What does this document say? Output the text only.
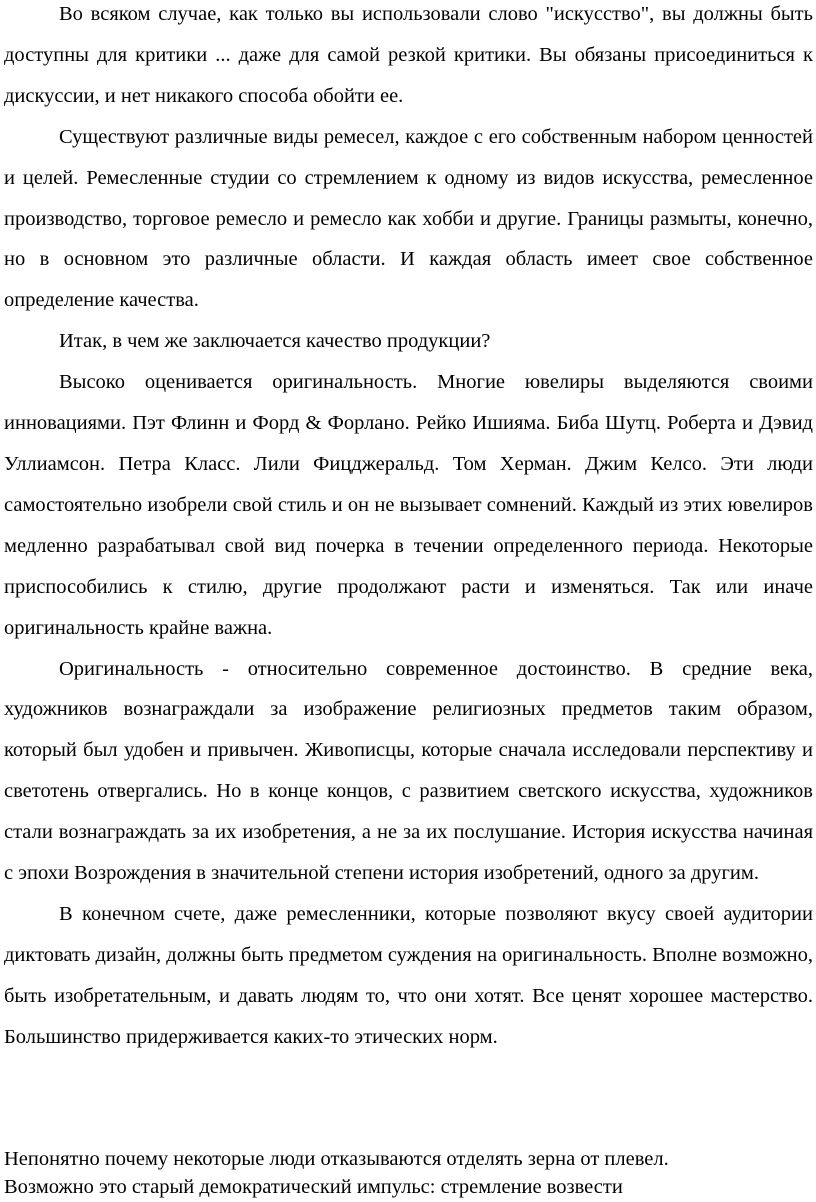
Во всяком случае, как только вы использовали слово "искусство", вы должны быть доступны для критики ... даже для самой резкой критики. Вы обязаны присоединиться к дискуссии, и нет никакого способа обойти ее.

Существуют различные виды ремесел, каждое с его собственным набором ценностей и целей. Ремесленные студии со стремлением к одному из видов искусства, ремесленное производство, торговое ремесло и ремесло как хобби и другие. Границы размыты, конечно, но в основном это различные области. И каждая область имеет свое собственное определение качества.

Итак, в чем же заключается качество продукции?

Высоко оценивается оригинальность. Многие ювелиры выделяются своими инновациями. Пэт Флинн и Форд & Форлано. Рейко Ишияма. Биба Шутц. Роберта и Дэвид Уллиамсон. Петра Класс. Лили Фицджеральд. Том Херман. Джим Келсо. Эти люди самостоятельно изобрели свой стиль и он не вызывает сомнений. Каждый из этих ювелиров медленно разрабатывал свой вид почерка в течении определенного периода. Некоторые приспособились к стилю, другие продолжают расти и изменяться. Так или иначе оригинальность крайне важна.

Оригинальность - относительно современное достоинство. В средние века, художников вознаграждали за изображение религиозных предметов таким образом, который был удобен и привычен. Живописцы, которые сначала исследовали перспективу и светотень отвергались. Но в конце концов, с развитием светского искусства, художников стали вознаграждать за их изобретения, а не за их послушание. История искусства начиная с эпохи Возрождения в значительной степени история изобретений, одного за другим.

В конечном счете, даже ремесленники, которые позволяют вкусу своей аудитории диктовать дизайн, должны быть предметом суждения на оригинальность. Вполне возможно, быть изобретательным, и давать людям то, что они хотят. Все ценят хорошее мастерство. Большинство придерживается каких-то этических норм.

Непонятно почему некоторые люди отказываются отделять зерна от плевел.

Возможно это старый демократический импульс: стремление возвести
